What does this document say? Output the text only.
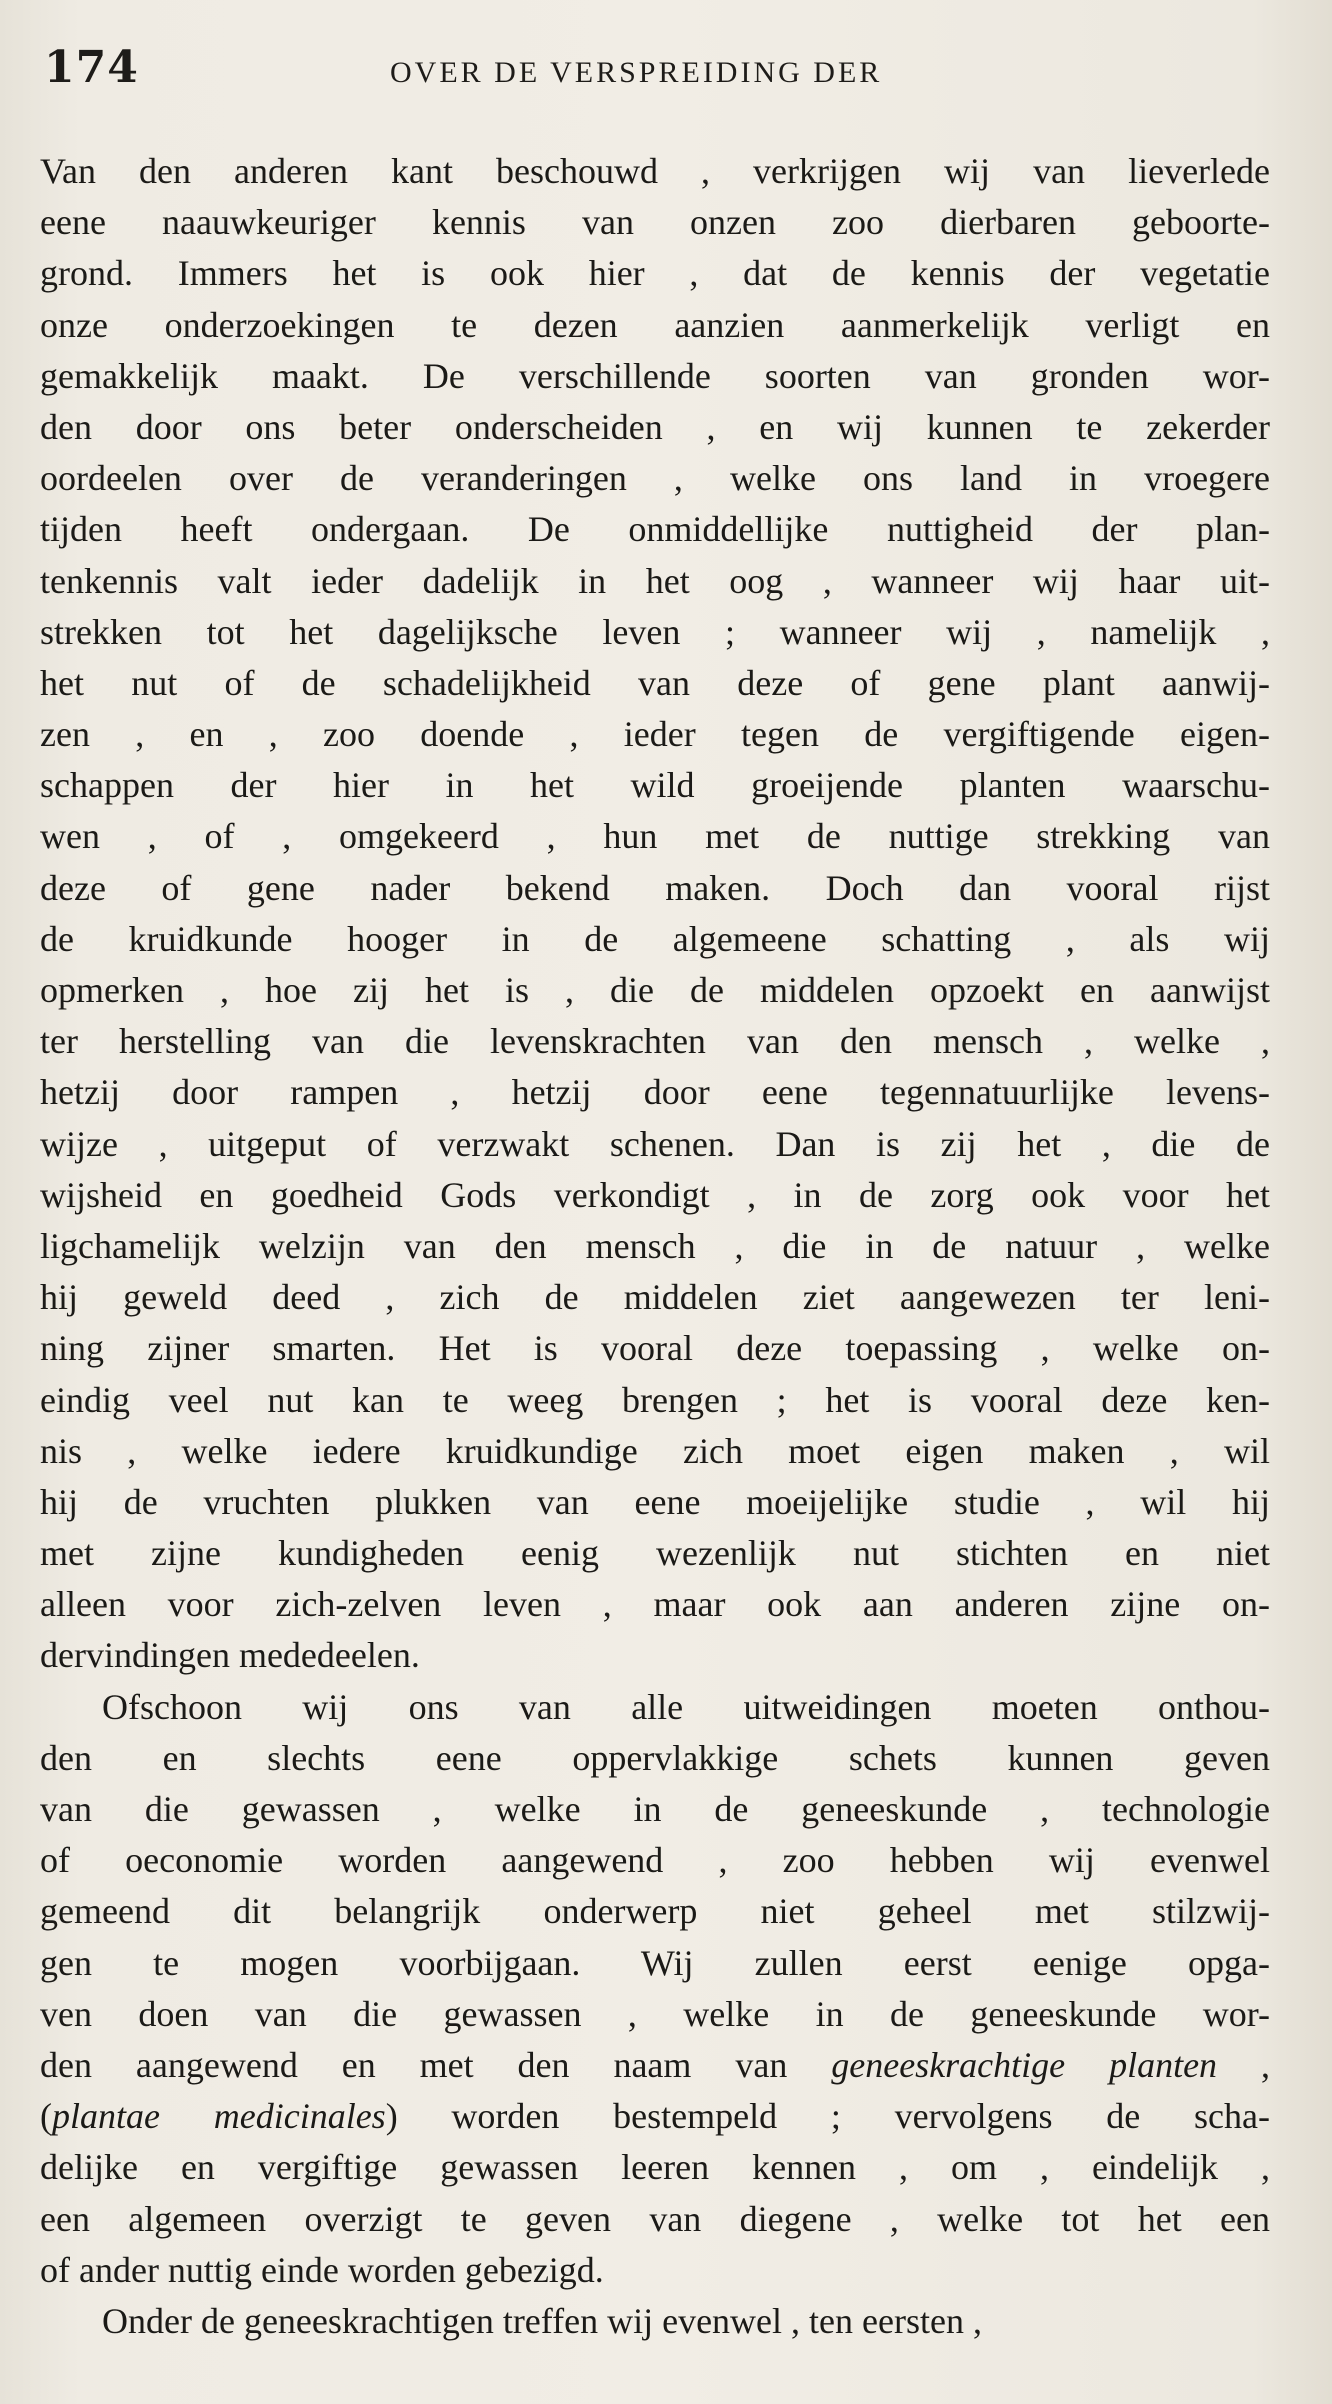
174	OVER DE VERSPREIDING DER
Van den anderen kant beschouwd , verkrijgen wij van lieverlede
eene naauwkeuriger kennis van onzen zoo dierbaren geboorte-
grond. Immers het is ook hier , dat de kennis der vegetatie
onze onderzoekingen te dezen aanzien aanmerkelijk verligt en
gemakkelijk maakt. De verschillende soorten van gronden wor-
den door ons beter onderscheiden , en wij kunnen te zekerder
oordeelen over de veranderingen , welke ons land in vroegere
tijden heeft ondergaan. De onmiddellijke nuttigheid der plan-
tenkennis valt ieder dadelijk in het oog , wanneer wij haar uit-
strekken tot het dagelijksche leven ; wanneer wij , namelijk ,
het nut of de schadelijkheid van deze of gene plant aanwij-
zen , en , zoo doende , ieder tegen de vergiftigende eigen-
schappen der hier in het wild groeijende planten waarschu-
wen , of , omgekeerd , hun met de nuttige strekking van
deze of gene nader bekend maken. Doch dan vooral rijst
de kruidkunde hooger in de algemeene schatting , als wij
opmerken , hoe zij het is , die de middelen opzoekt en aanwijst
ter herstelling van die levenskrachten van den mensch , welke ,
hetzij door rampen , hetzij door eene tegennatuurlijke levens-
wijze , uitgeput of verzwakt schenen. Dan is zij het , die de
wijsheid en goedheid Gods verkondigt , in de zorg ook voor het
ligchamelijk welzijn van den mensch , die in de natuur , welke
hij geweld deed , zich de middelen ziet aangewezen ter leni-
ning zijner smarten. Het is vooral deze toepassing , welke on-
eindig veel nut kan te weeg brengen ; het is vooral deze ken-
nis , welke iedere kruidkundige zich moet eigen maken , wil
hij de vruchten plukken van eene moeijelijke studie , wil hij
met zijne kundigheden eenig wezenlijk nut stichten en niet
alleen voor zich-zelven leven , maar ook aan anderen zijne on-
dervindingen mededeelen.
Ofschoon wij ons van alle uitweidingen moeten onthou-
den en slechts eene oppervlakkige schets kunnen geven
van die gewassen , welke in de geneeskunde , technologie
of oeconomie worden aangewend , zoo hebben wij evenwel
gemeend dit belangrijk onderwerp niet geheel met stilzwij-
gen te mogen voorbijgaan. Wij zullen eerst eenige opga-
ven doen van die gewassen , welke in de geneeskunde wor-
den aangewend en met den naam van geneeskrachtige planten ,
(plantae medicinales) worden bestempeld ; vervolgens de scha-
delijke en vergiftige gewassen leeren kennen , om , eindelijk ,
een algemeen overzigt te geven van diegene , welke tot het een
of ander nuttig einde worden gebezigd.
Onder de geneeskrachtigen treffen wij evenwel , ten eersten ,
